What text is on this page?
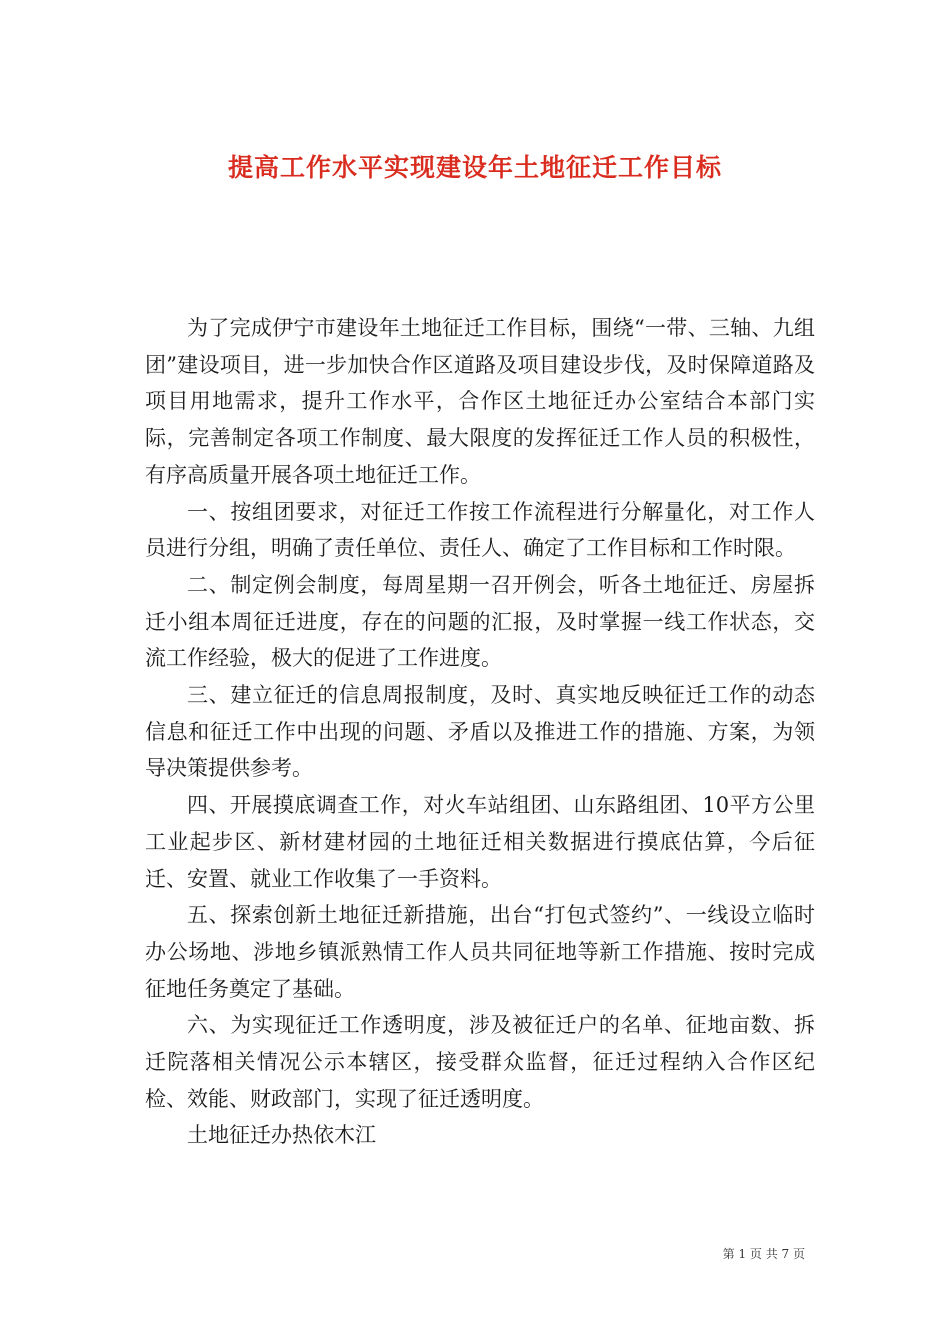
提高工作水平实现建设年土地征迁工作目标

为了完成伊宁市建设年土地征迁工作目标，围绕“一带、三轴、九组团”建设项目，进一步加快合作区道路及项目建设步伐，及时保障道路及项目用地需求，提升工作水平，合作区土地征迁办公室结合本部门实际，完善制定各项工作制度、最大限度的发挥征迁工作人员的积极性，有序高质量开展各项土地征迁工作。

一、按组团要求，对征迁工作按工作流程进行分解量化，对工作人员进行分组，明确了责任单位、责任人、确定了工作目标和工作时限。

二、制定例会制度，每周星期一召开例会，听各土地征迁、房屋拆迁小组本周征迁进度，存在的问题的汇报，及时掌握一线工作状态，交流工作经验，极大的促进了工作进度。

三、建立征迁的信息周报制度，及时、真实地反映征迁工作的动态信息和征迁工作中出现的问题、矛盾以及推进工作的措施、方案，为领导决策提供参考。

四、开展摸底调查工作，对火车站组团、山东路组团、10平方公里工业起步区、新材建材园的土地征迁相关数据进行摸底估算，今后征迁、安置、就业工作收集了一手资料。

五、探索创新土地征迁新措施，出台“打包式签约”、一线设立临时办公场地、涉地乡镇派熟情工作人员共同征地等新工作措施、按时完成征地任务奠定了基础。

六、为实现征迁工作透明度，涉及被征迁户的名单、征地亩数、拆迁院落相关情况公示本辖区，接受群众监督，征迁过程纳入合作区纪检、效能、财政部门，实现了征迁透明度。

土地征迁办热依木江

第 1 页 共 7 页
